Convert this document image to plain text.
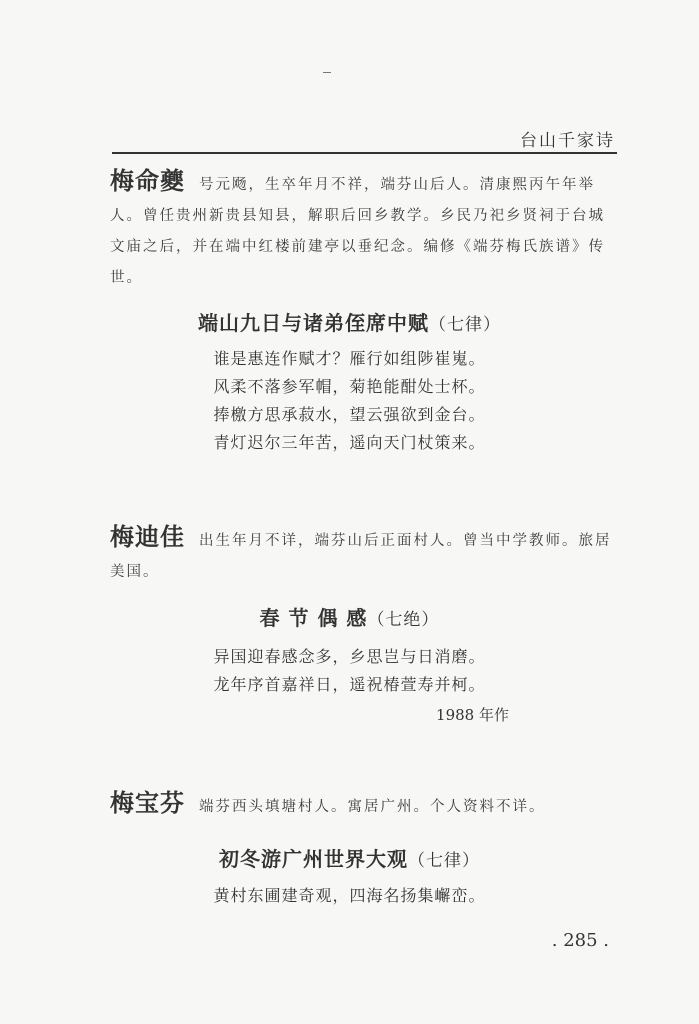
台山千家诗
梅命夔 号元飏，生卒年月不祥，端芬山后人。清康熙丙午年举人。曾任贵州新贵县知县，解职后回乡教学。乡民乃祀乡贤祠于台城文庙之后，并在端中红楼前建亭以垂纪念。编修《端芬梅氏族谱》传世。
端山九日与诸弟侄席中赋（七律）
谁是惠连作赋才？雁行如组陟崔嵬。
风柔不落参军帽，菊艳能酣处士杯。
捧檄方思承菽水，望云强欲到金台。
青灯迟尔三年苦，遥向天门杖策来。
梅迪佳 出生年月不详，端芬山后正面村人。曾当中学教师。旅居美国。
春 节 偶 感（七绝）
异国迎春感念多，乡思岂与日消磨。
龙年序首嘉祥日，遥祝椿萱寿并柯。
1988 年作
梅宝芬 端芬西头填塘村人。寓居广州。个人资料不详。
初冬游广州世界大观（七律）
黄村东圃建奇观，四海名扬集嶰峦。
. 285 .
